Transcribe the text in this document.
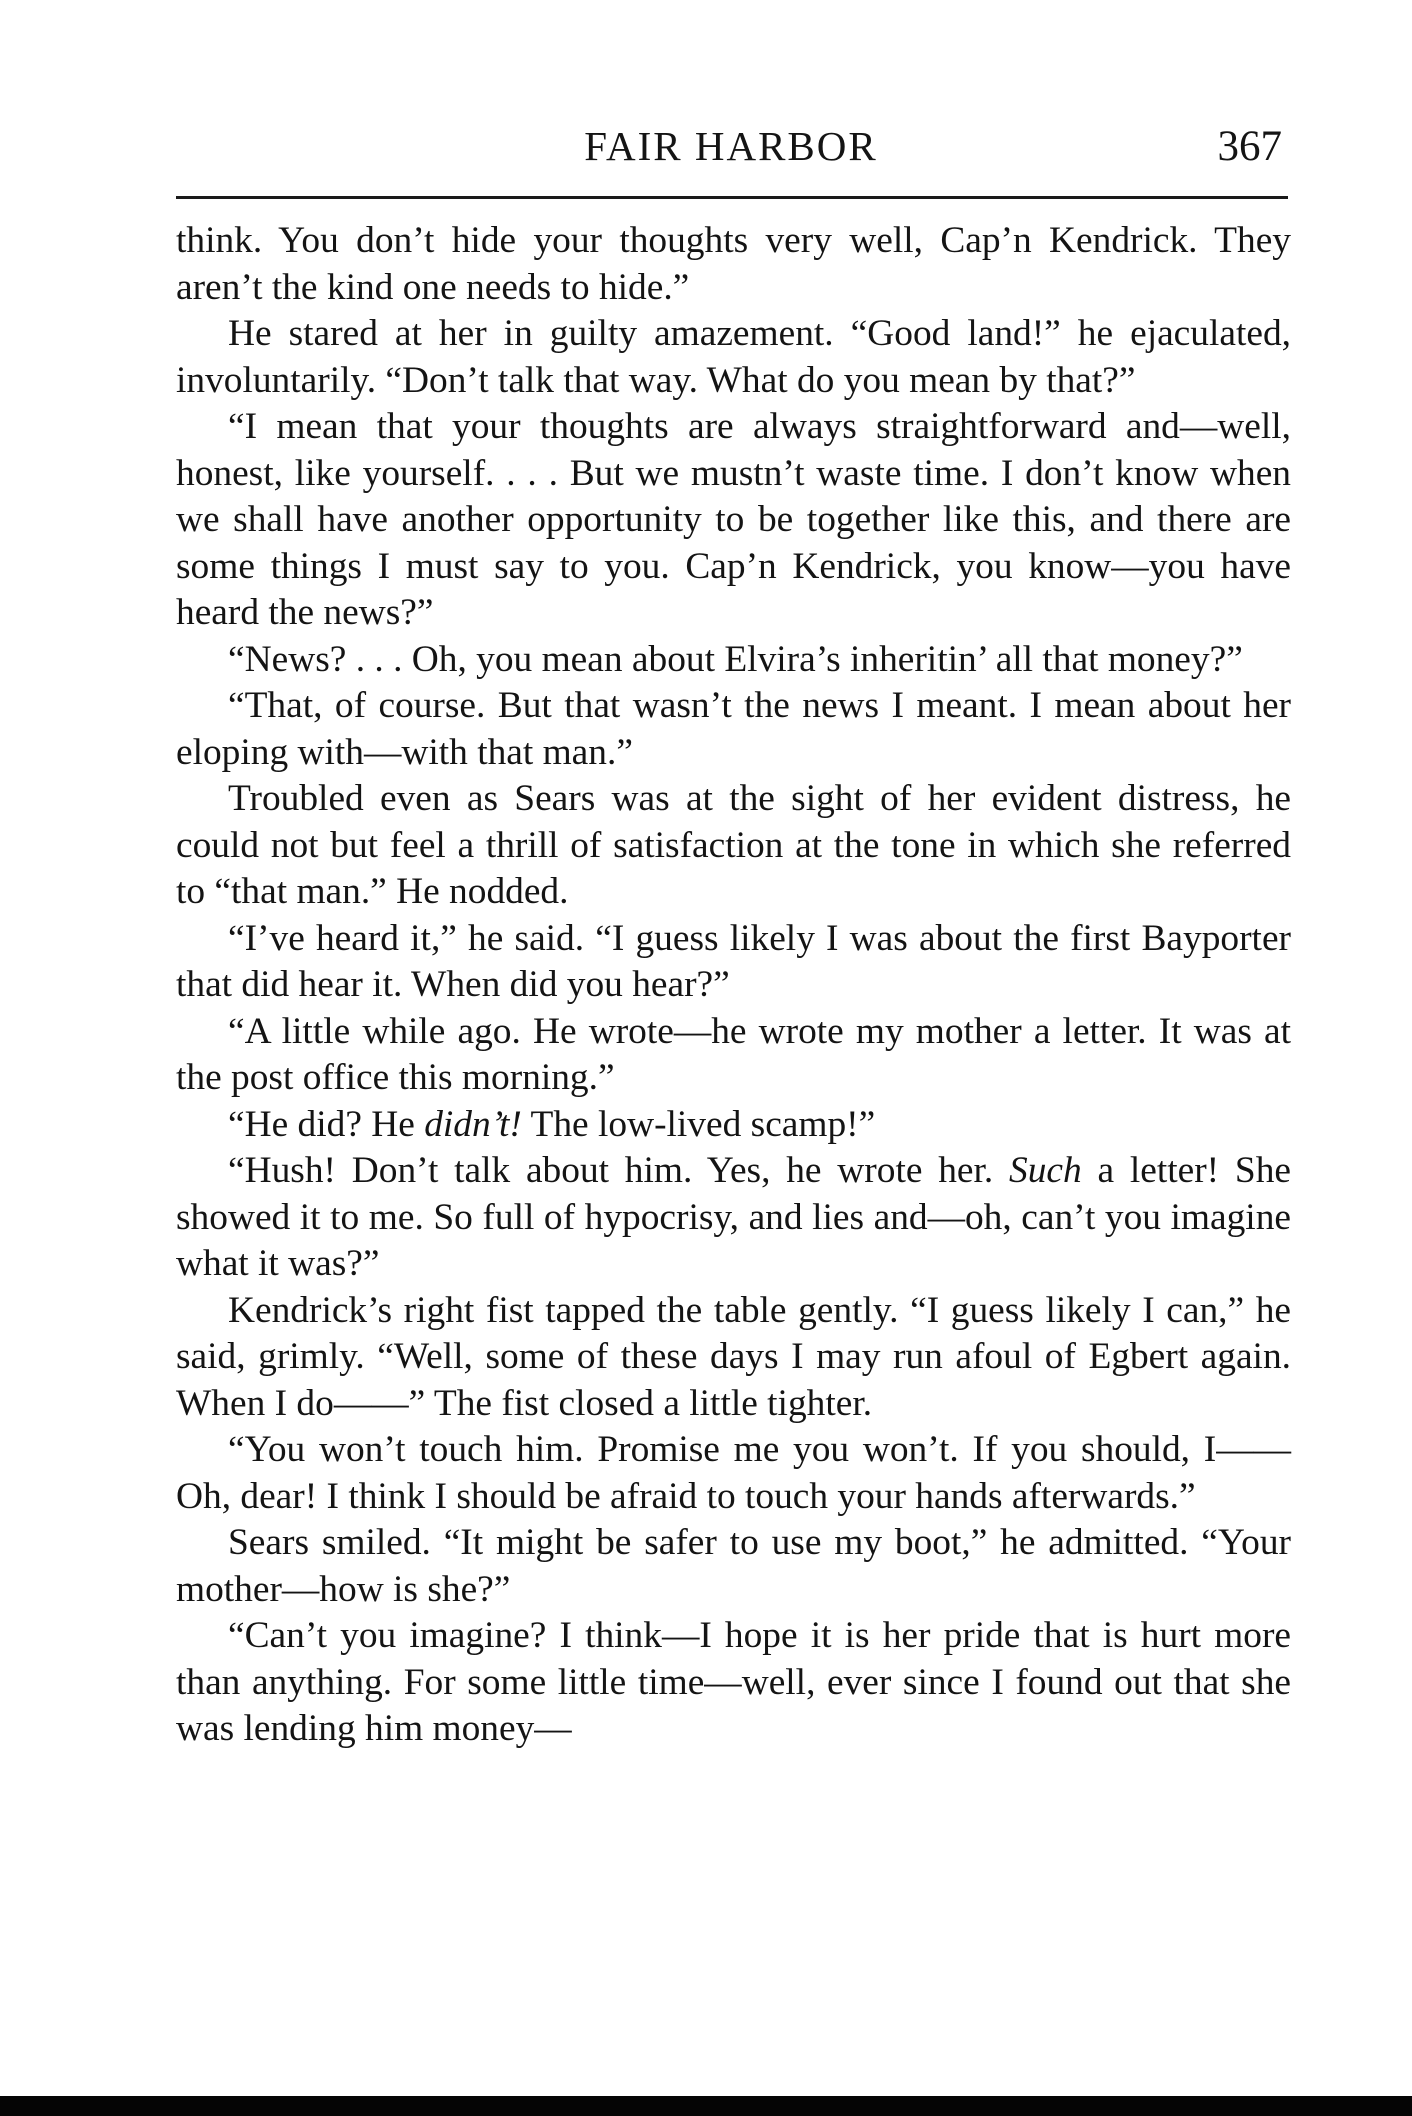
FAIR HARBOR	367

think. You don’t hide your thoughts very well, Cap’n Kendrick. They aren’t the kind one needs to hide.”

He stared at her in guilty amazement. “Good land!” he ejaculated, involuntarily. “Don’t talk that way. What do you mean by that?”

“I mean that your thoughts are always straightforward and—well, honest, like yourself. . . . But we mustn’t waste time. I don’t know when we shall have another opportunity to be together like this, and there are some things I must say to you. Cap’n Kendrick, you know—you have heard the news?”

“News? . . . Oh, you mean about Elvira’s inheritin’ all that money?”

“That, of course. But that wasn’t the news I meant. I mean about her eloping with—with that man.”

Troubled even as Sears was at the sight of her evident distress, he could not but feel a thrill of satisfaction at the tone in which she referred to “that man.” He nodded.

“I’ve heard it,” he said. “I guess likely I was about the first Bayporter that did hear it. When did you hear?”

“A little while ago. He wrote—he wrote my mother a letter. It was at the post office this morning.”

“He did? He didn’t! The low-lived scamp!”

“Hush! Don’t talk about him. Yes, he wrote her. Such a letter! She showed it to me. So full of hypocrisy, and lies and—oh, can’t you imagine what it was?”

Kendrick’s right fist tapped the table gently. “I guess likely I can,” he said, grimly. “Well, some of these days I may run afoul of Egbert again. When I do——” The fist closed a little tighter.

“You won’t touch him. Promise me you won’t. If you should, I—— Oh, dear! I think I should be afraid to touch your hands afterwards.”

Sears smiled. “It might be safer to use my boot,” he admitted. “Your mother—how is she?”

“Can’t you imagine? I think—I hope it is her pride that is hurt more than anything. For some little time—well, ever since I found out that she was lending him money—
